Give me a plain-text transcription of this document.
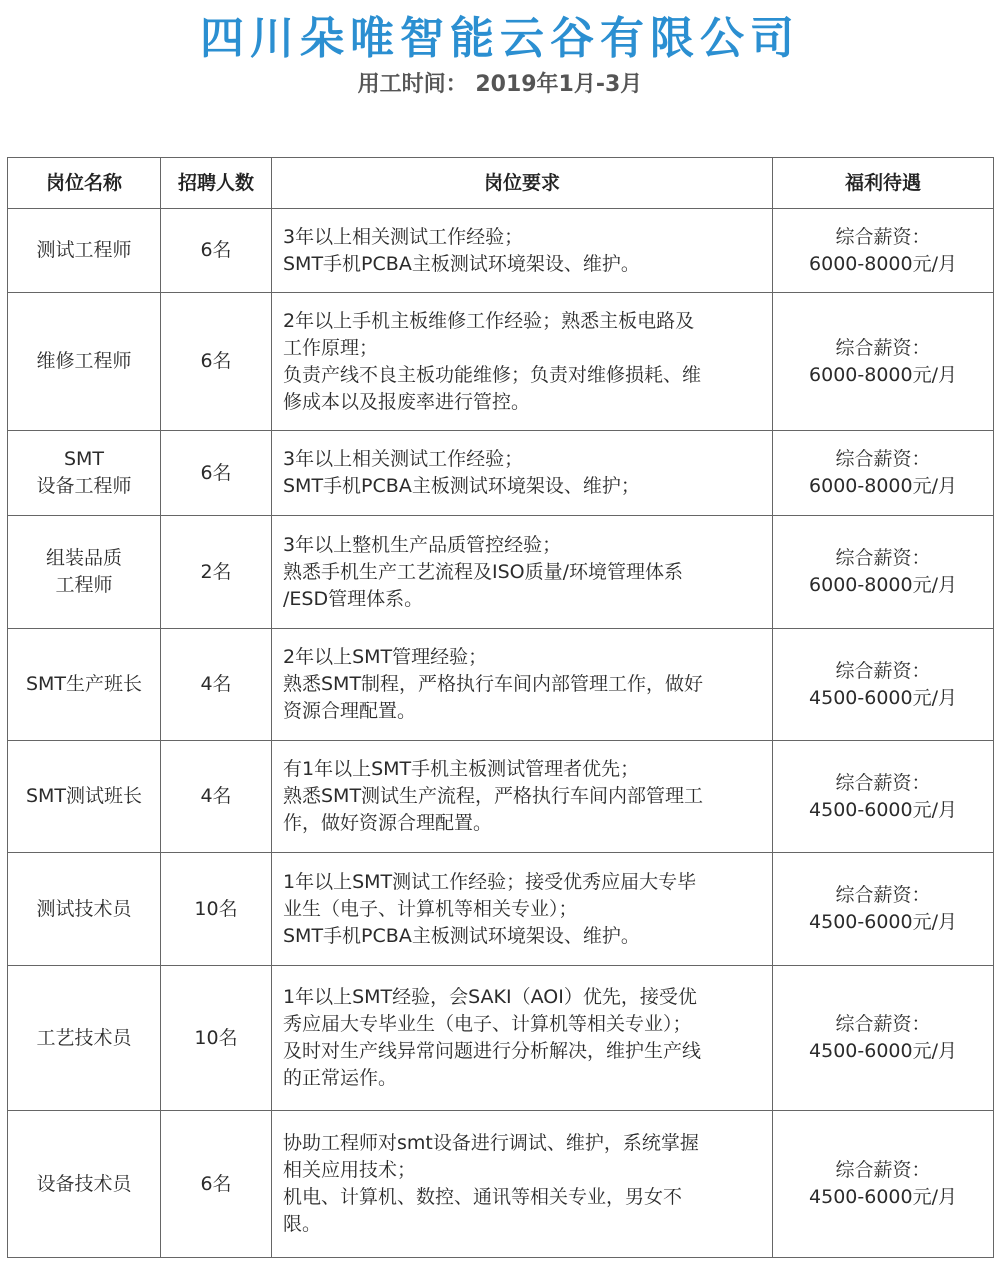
四川朵唯智能云谷有限公司
用工时间： 2019年1月-3月
岗位名称	招聘人数	岗位要求	福利待遇

测试工程师	6名	3年以上相关测试工作经验；
SMT手机PCBA主板测试环境架设、维护。	综合薪资：
6000-8000元/月

维修工程师	6名	2年以上手机主板维修工作经验；熟悉主板电路及
工作原理；
负责产线不良主板功能维修；负责对维修损耗、维
修成本以及报废率进行管控。	综合薪资：
6000-8000元/月

SMT
设备工程师	6名	3年以上相关测试工作经验；
SMT手机PCBA主板测试环境架设、维护；	综合薪资：
6000-8000元/月

组装品质
工程师	2名	3年以上整机生产品质管控经验；
熟悉手机生产工艺流程及ISO质量/环境管理体系
/ESD管理体系。	综合薪资：
6000-8000元/月

SMT生产班长	4名	2年以上SMT管理经验；
熟悉SMT制程，严格执行车间内部管理工作，做好
资源合理配置。	综合薪资：
4500-6000元/月

SMT测试班长	4名	有1年以上SMT手机主板测试管理者优先；
熟悉SMT测试生产流程，严格执行车间内部管理工
作，做好资源合理配置。	综合薪资：
4500-6000元/月

测试技术员	10名	1年以上SMT测试工作经验；接受优秀应届大专毕
业生（电子、计算机等相关专业）；
SMT手机PCBA主板测试环境架设、维护。	综合薪资：
4500-6000元/月

工艺技术员	10名	1年以上SMT经验，会SAKI（AOI）优先，接受优
秀应届大专毕业生（电子、计算机等相关专业）；
及时对生产线异常问题进行分析解决，维护生产线
的正常运作。	综合薪资：
4500-6000元/月

设备技术员	6名	协助工程师对smt设备进行调试、维护，系统掌握
相关应用技术；
机电、计算机、数控、通讯等相关专业，男女不
限。	综合薪资：
4500-6000元/月
